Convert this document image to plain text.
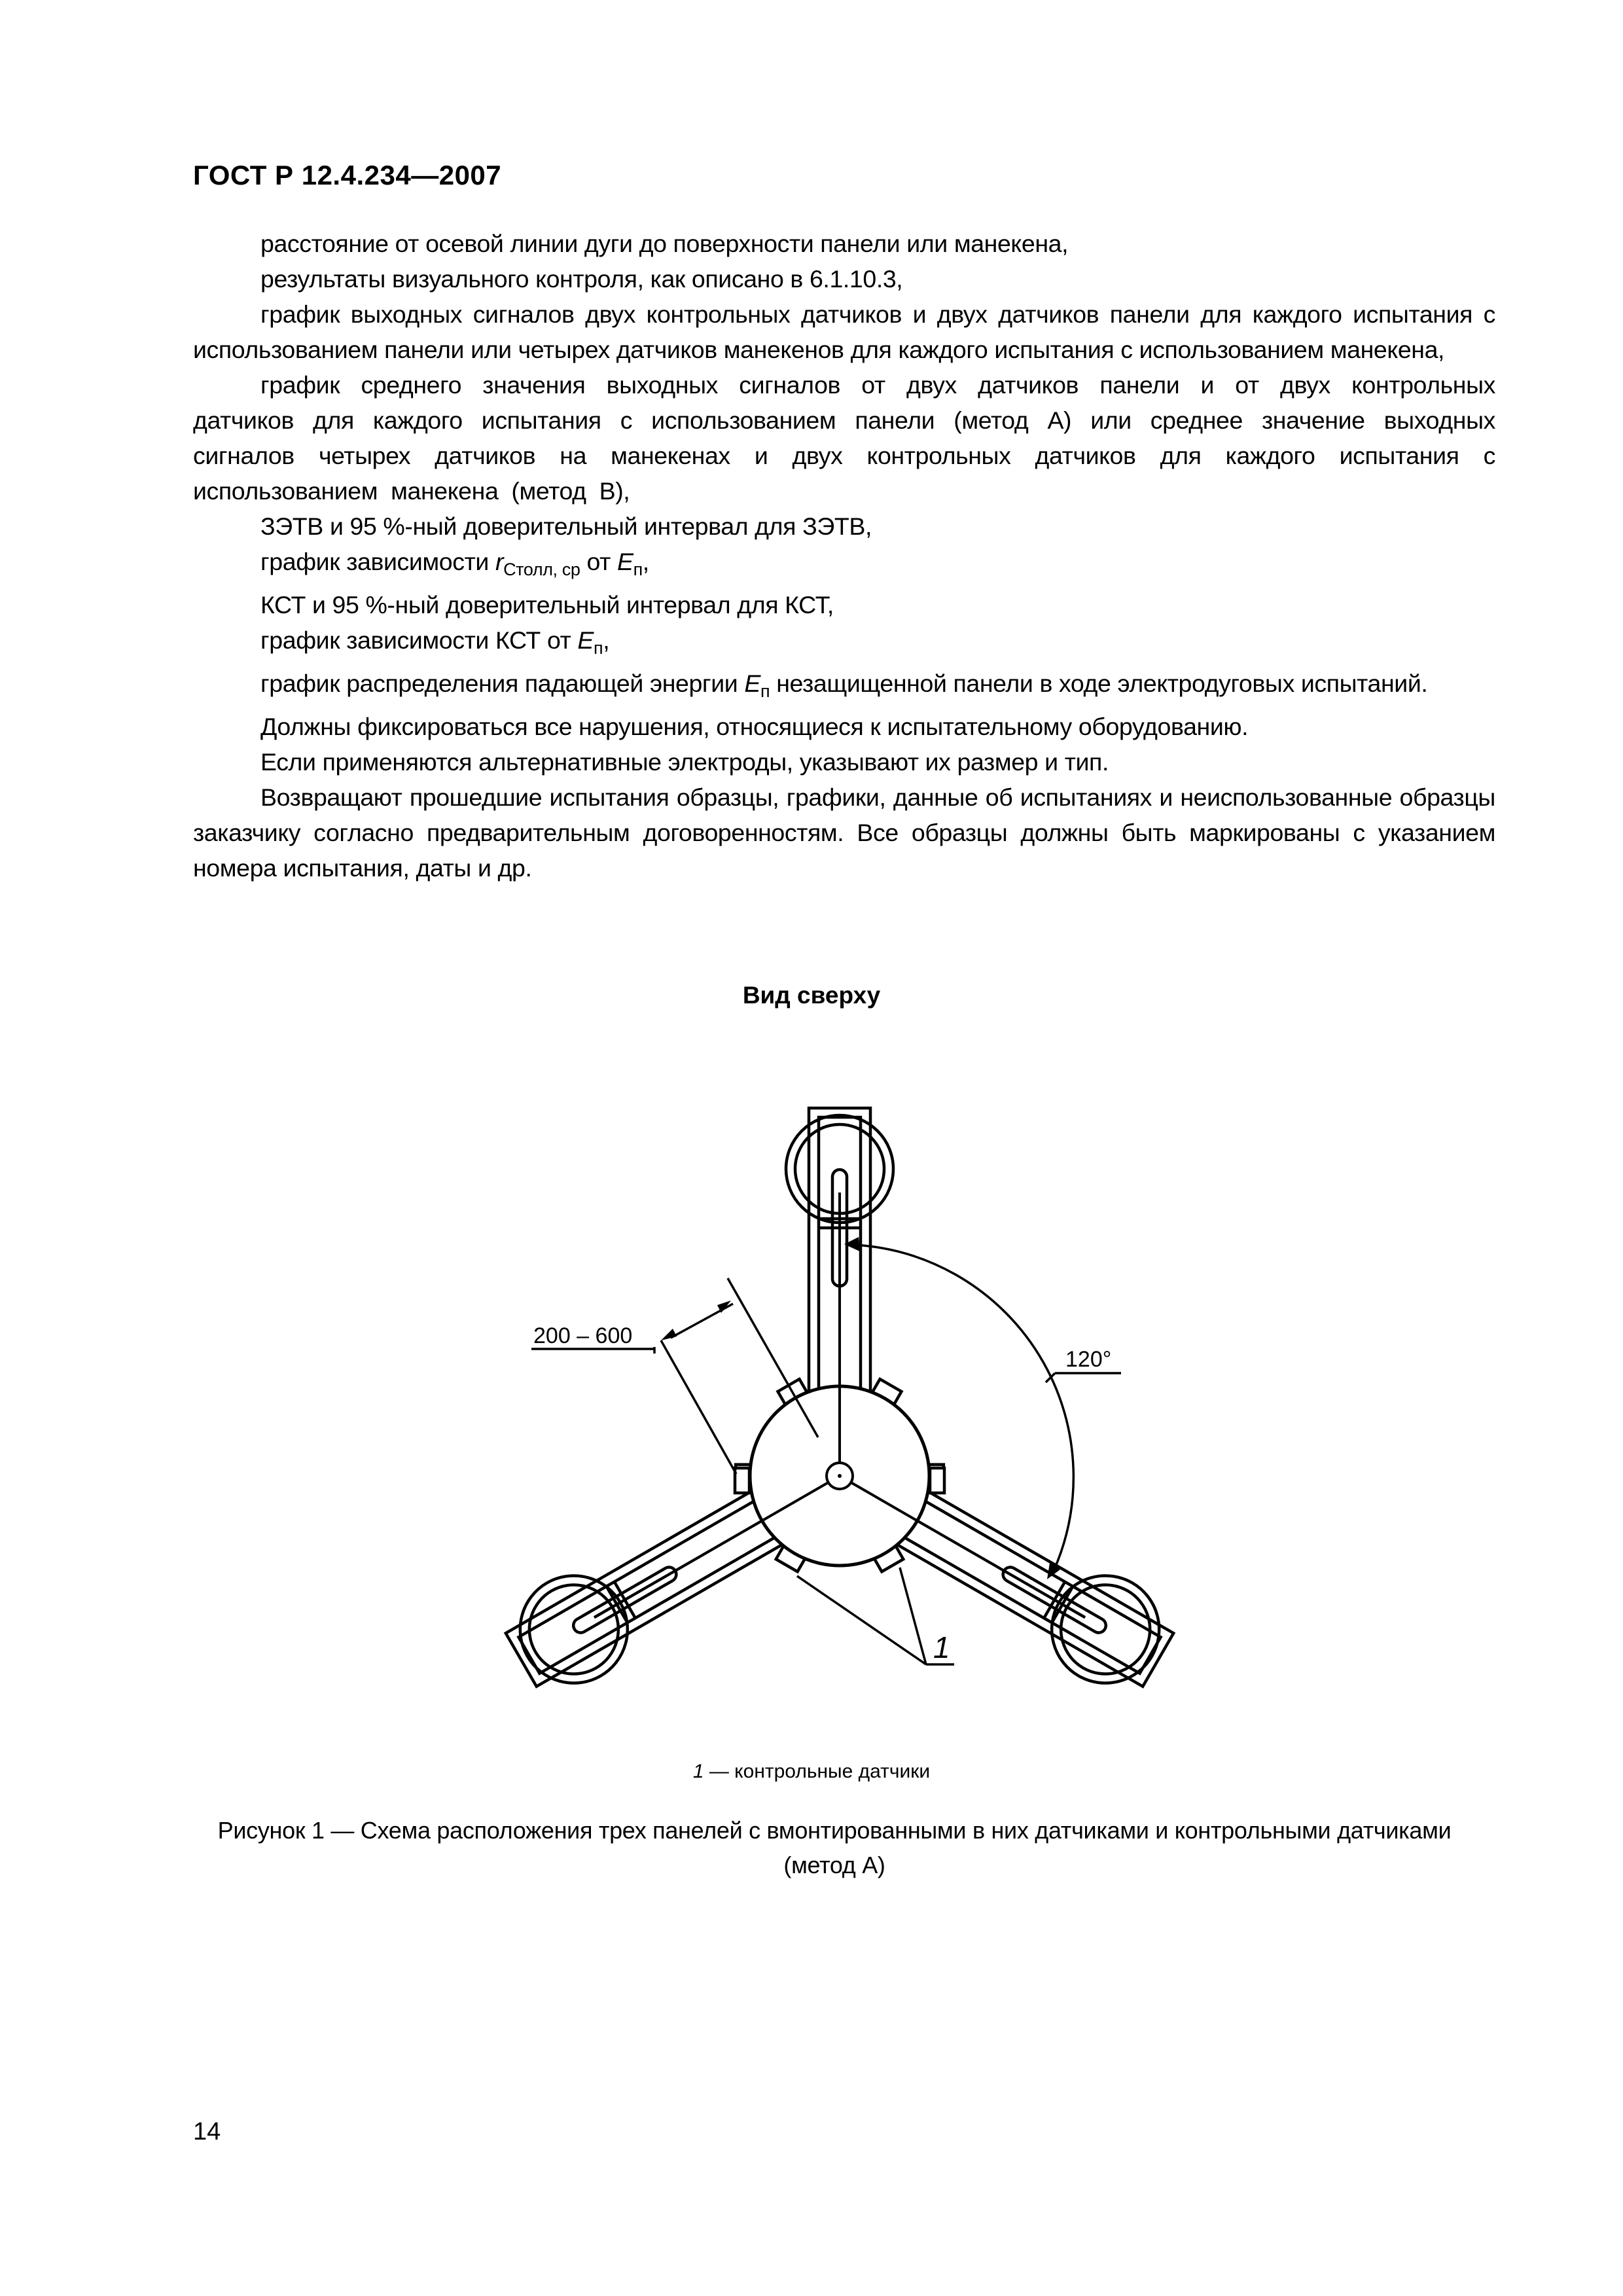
ГОСТ Р 12.4.234—2007

расстояние от осевой линии дуги до поверхности панели или манекена,

результаты визуального контроля, как описано в 6.1.10.3,

график выходных сигналов двух контрольных датчиков и двух датчиков панели для каждого испытания с использованием панели или четырех датчиков манекенов для каждого испытания с использованием манекена,

график среднего значения выходных сигналов от двух датчиков панели и от двух контрольных датчиков для каждого испытания с использованием панели (метод А) или среднее значение выходных сигналов четырех датчиков на манекенах и двух контрольных датчиков для каждого испытания с использованием манекена (метод В),

ЗЭТВ и 95 %-ный доверительный интервал для ЗЭТВ,

график зависимости $r_{Столл, ср}$ от $E_п$,

КСТ и 95 %-ный доверительный интервал для КСТ,

график зависимости КСТ от $E_п$,

график распределения падающей энергии $E_п$ незащищенной панели в ходе электродуговых испытаний.

Должны фиксироваться все нарушения, относящиеся к испытательному оборудованию.

Если применяются альтернативные электроды, указывают их размер и тип.

Возвращают прошедшие испытания образцы, графики, данные об испытаниях и неиспользованные образцы заказчику согласно предварительным договоренностям. Все образцы должны быть маркированы с указанием номера испытания, даты и др.

Вид сверху
200 – 600
120°
1
1 — контрольные датчики
Рисунок 1 — Схема расположения трех панелей с вмонтированными в них датчиками и контрольными датчиками
(метод А)
14
